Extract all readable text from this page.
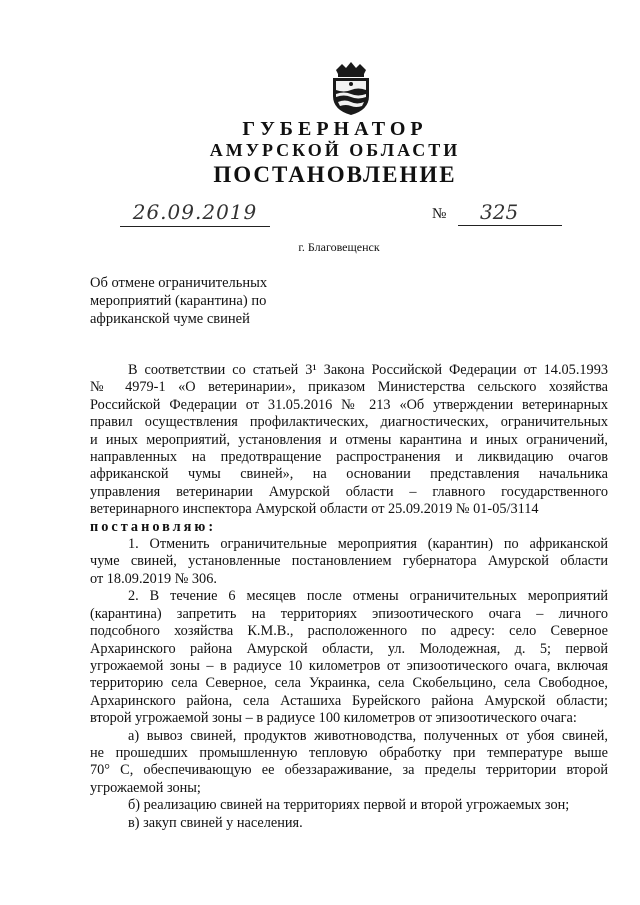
ГУБЕРНАТОР
АМУРСКОЙ ОБЛАСТИ
ПОСТАНОВЛЕНИЕ
26.09.2019	№	325
г. Благовещенск
Об отмене ограничительных
мероприятий (карантина) по
африканской чуме свиней
В соответствии со статьей 3¹ Закона Российской Федерации от 14.05.1993
№ 4979-1 «О ветеринарии», приказом Министерства сельского хозяйства
Российской Федерации от 31.05.2016 № 213 «Об утверждении ветеринарных
правил осуществления профилактических, диагностических, ограничительных
и иных мероприятий, установления и отмены карантина и иных ограничений,
направленных на предотвращение распространения и ликвидацию очагов
африканской чумы свиней», на основании представления начальника
управления ветеринарии Амурской области – главного государственного
ветеринарного инспектора Амурской области от 25.09.2019 № 01-05/3114
постановляю:
1. Отменить ограничительные мероприятия (карантин) по африканской
чуме свиней, установленные постановлением губернатора Амурской области
от 18.09.2019 № 306.
2. В течение 6 месяцев после отмены ограничительных мероприятий
(карантина) запретить на территориях эпизоотического очага – личного
подсобного хозяйства К.М.В., расположенного по адресу: село Северное
Архаринского района Амурской области, ул. Молодежная, д. 5; первой
угрожаемой зоны – в радиусе 10 километров от эпизоотического очага, включая
территорию села Северное, села Украинка, села Скобельцино, села Свободное,
Архаринского района, села Асташиха Бурейского района Амурской области;
второй угрожаемой зоны – в радиусе 100 километров от эпизоотического очага:
а) вывоз свиней, продуктов животноводства, полученных от убоя свиней,
не прошедших промышленную тепловую обработку при температуре выше
70° С, обеспечивающую ее обеззараживание, за пределы территории второй
угрожаемой зоны;
б) реализацию свиней на территориях первой и второй угрожаемых зон;
в) закуп свиней у населения.
